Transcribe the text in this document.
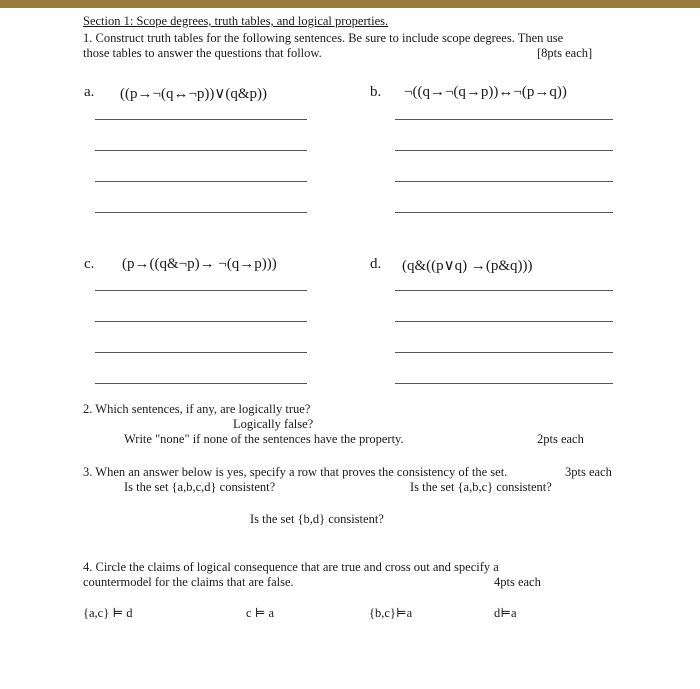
Section 1: Scope degrees, truth tables, and logical properties.
1. Construct truth tables for the following sentences. Be sure to include scope degrees. Then use
those tables to answer the questions that follow.	[8pts each]
a. ((p→¬(q↔¬p))∨(q&p))	b. ¬((q→¬(q→p))↔¬(p→q))
c. (p→((q&¬p)→ ¬(q→p)))	d. (q&((p∨q) →(p&q)))
2. Which sentences, if any, are logically true?
Logically false?
Write "none" if none of the sentences have the property.	2pts each
3. When an answer below is yes, specify a row that proves the consistency of the set.	3pts each
Is the set {a,b,c,d} consistent?	Is the set {a,b,c} consistent?
Is the set {b,d} consistent?
4. Circle the claims of logical consequence that are true and cross out and specify a
countermodel for the claims that are false.	4pts each
{a,c} ⊨ d	c ⊨ a	{b,c}⊨a	d⊨a
